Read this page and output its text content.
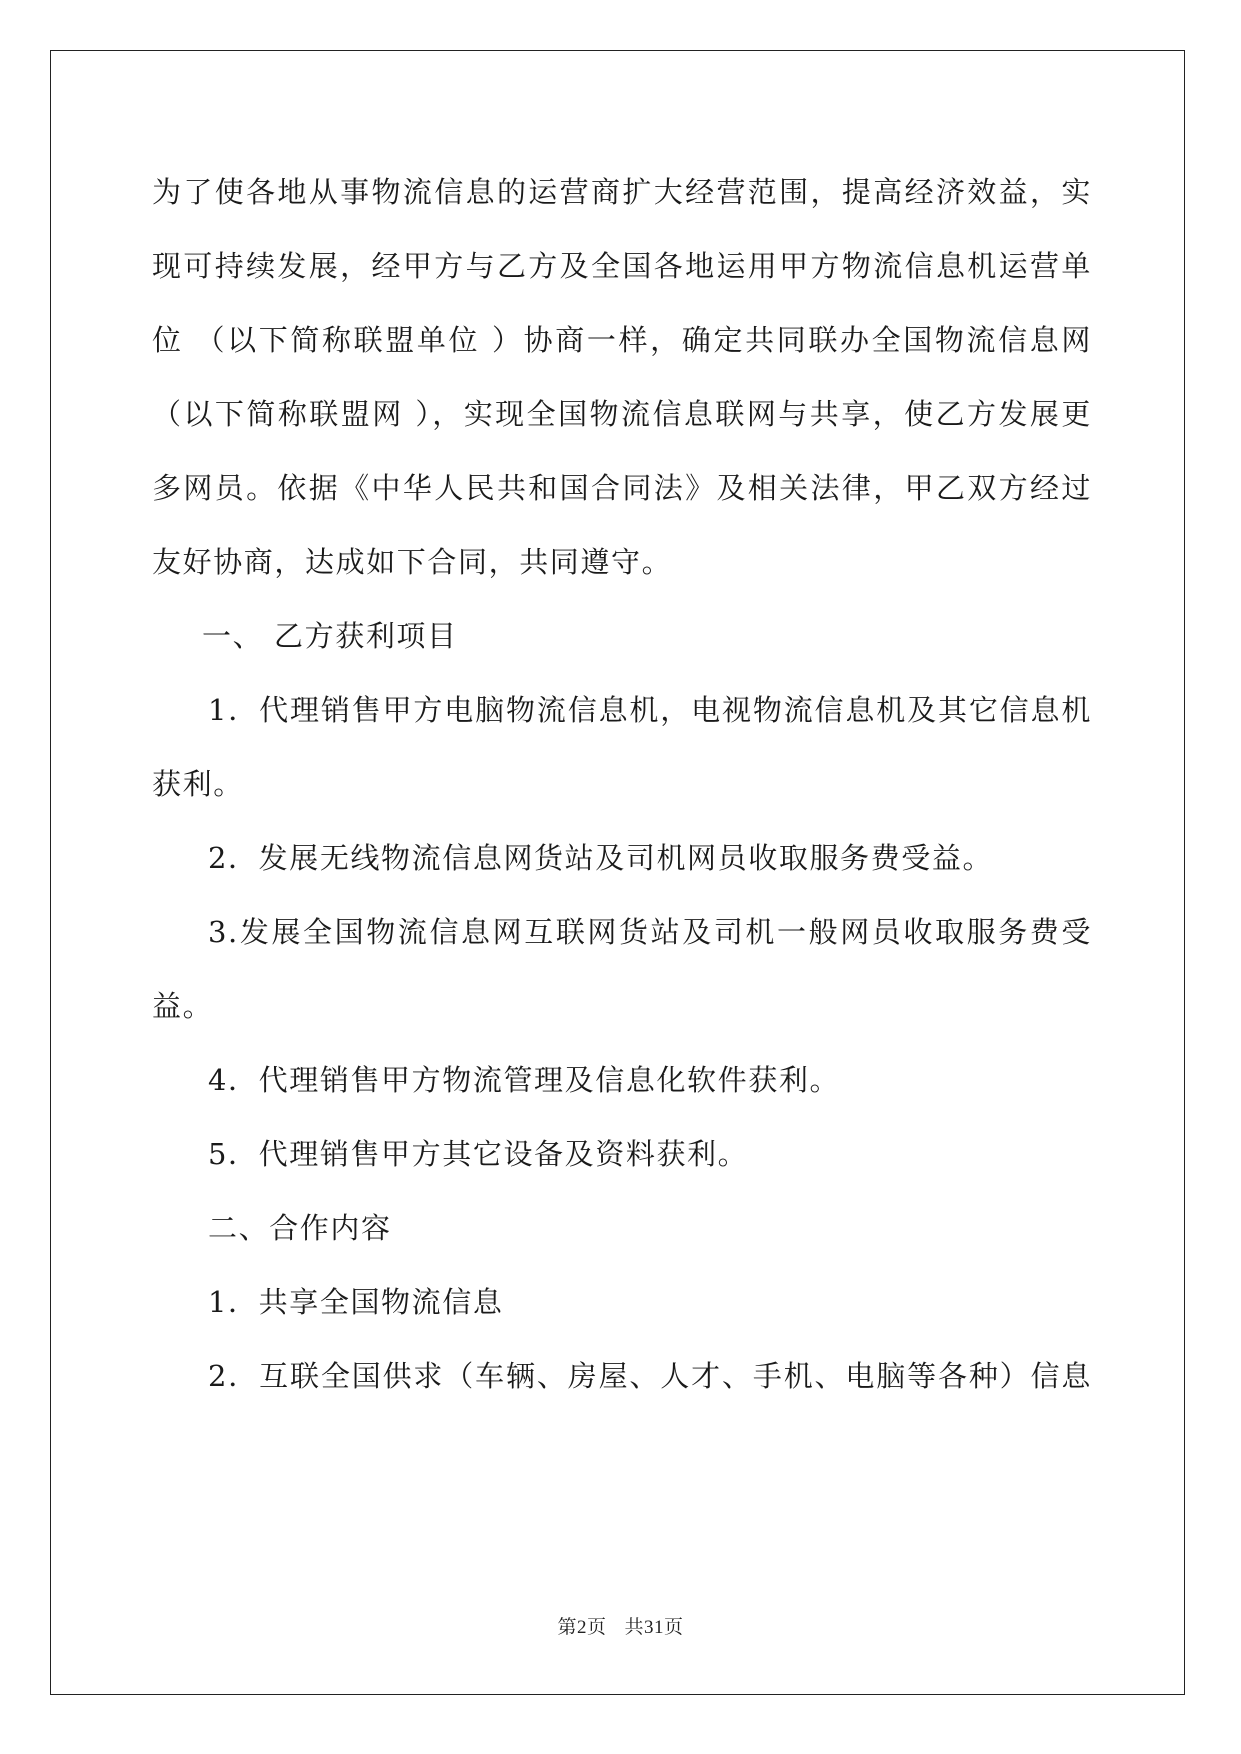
为了使各地从事物流信息的运营商扩大经营范围，提高经济效益，实
现可持续发展，经甲方与乙方及全国各地运用甲方物流信息机运营单
位 （以下简称联盟单位 ）协商一样，确定共同联办全国物流信息网
（以下简称联盟网 ），实现全国物流信息联网与共享，使乙方发展更
多网员。依据《中华人民共和国合同法》及相关法律，甲乙双方经过
友好协商，达成如下合同，共同遵守。
一、 乙方获利项目
1．代理销售甲方电脑物流信息机，电视物流信息机及其它信息机
获利。
2．发展无线物流信息网货站及司机网员收取服务费受益。
3.发展全国物流信息网互联网货站及司机一般网员收取服务费受
益。
4．代理销售甲方物流管理及信息化软件获利。
5．代理销售甲方其它设备及资料获利。
二、合作内容
1．共享全国物流信息
2．互联全国供求（车辆、房屋、人才、手机、电脑等各种）信息
第2页 共31页
